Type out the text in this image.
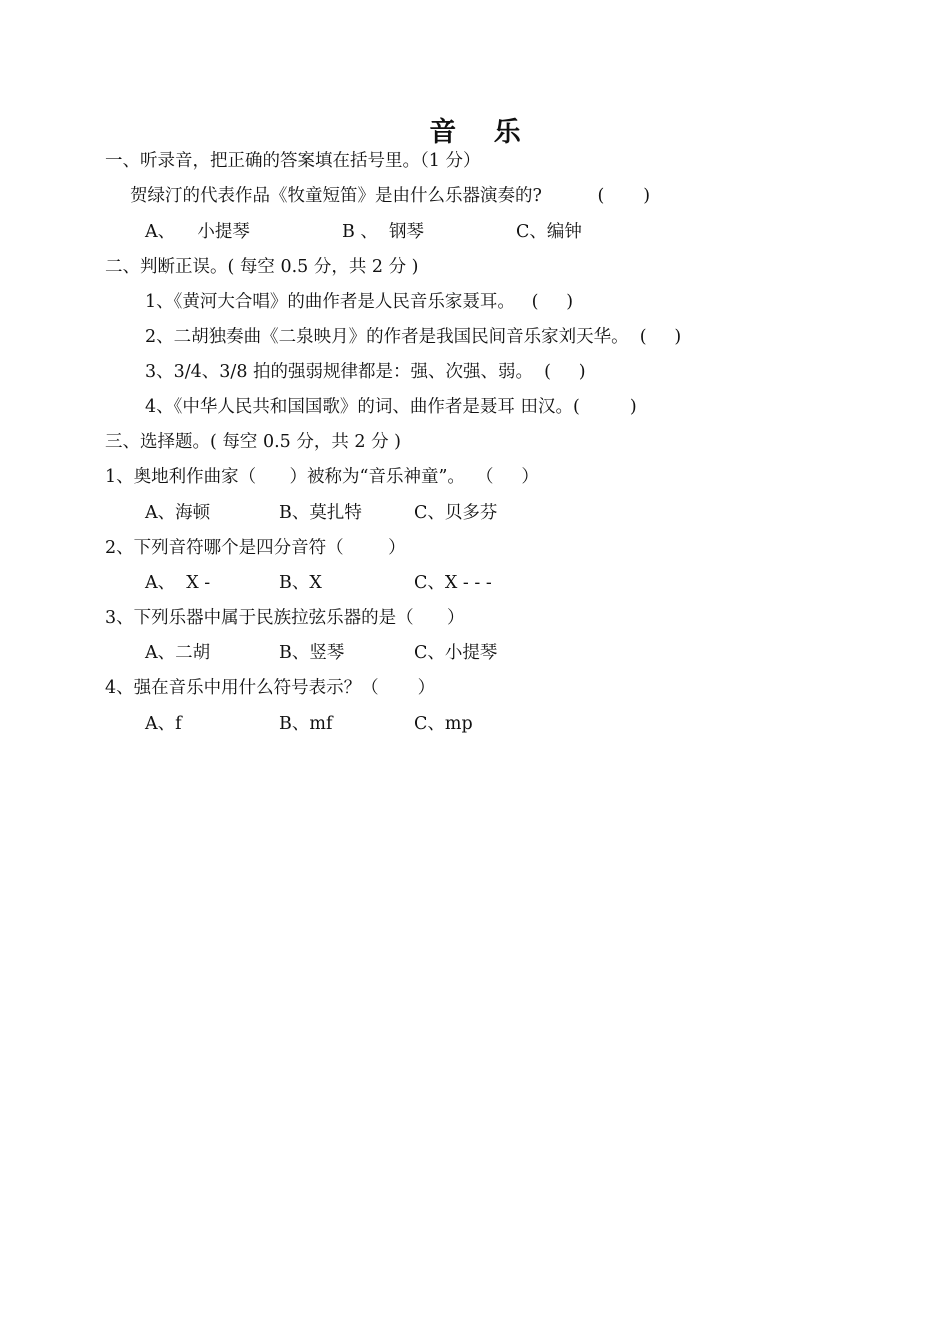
音 乐
一、听录音，把正确的答案填在括号里。（1 分）
贺绿汀的代表作品《牧童短笛》是由什么乐器演奏的?          (       )
A、    小提琴	B 、  钢琴	C、编钟
二、判断正误。( 每空 0.5 分，共 2 分 )
1、《黄河大合唱》的曲作者是人民音乐家聂耳。   (     )
2、二胡独奏曲《二泉映月》的作者是我国民间音乐家刘天华。  (     )
3、3/4、3/8 拍的强弱规律都是：强、次强、弱。  (     )
4、《中华人民共和国国歌》的词、曲作者是聂耳 田汉。(         )
三、选择题。( 每空 0.5 分，共 2 分 )
1、奥地利作曲家（      ）被称为“音乐神童”。  （     ）
A、海顿	B、莫扎特	C、贝多芬
2、下列音符哪个是四分音符（        ）
A、  X -	B、X	C、X - - -
3、下列乐器中属于民族拉弦乐器的是（      ）
A、二胡	B、竖琴	C、小提琴
4、强在音乐中用什么符号表示？（       ）
A、f	B、mf	C、mp
